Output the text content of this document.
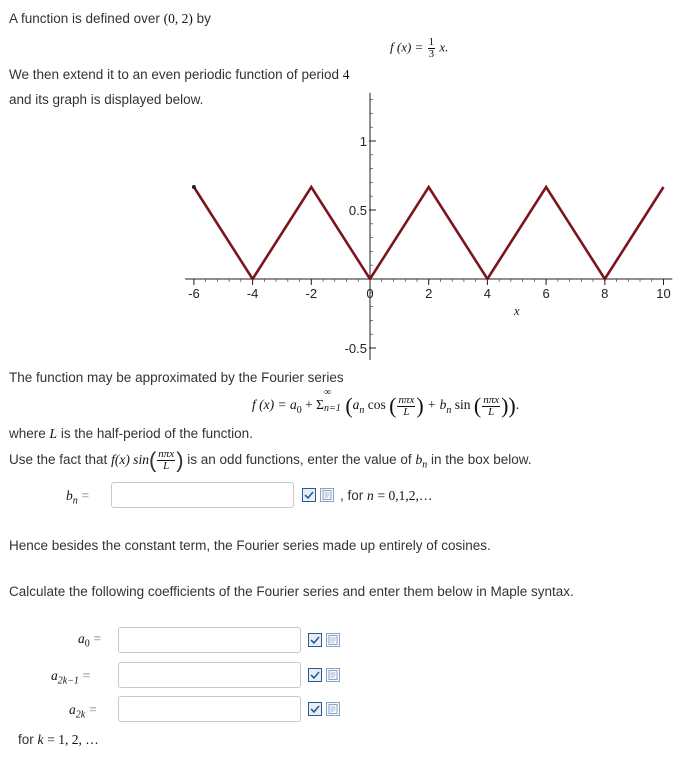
A function is defined over (0, 2) by
f $(x) = \frac{1}{3} x$.
We then extend it to an even periodic function of period 4
and its graph is displayed below.
-6	-4	-2	0	2	4	6	8	10
1
0.5
-0.5
x
The function may be approximated by the Fourier series
f $(x) = a_0 + \Sigma$
∞
n=1 ($a_n$ cos ( $\frac{\text{nπx}}{L}$ ) + $b_n$ sin ( $\frac{\text{nπx}}{L}$ )).
where L is the half-period of the function.
Use the fact that f(x) $\sin( \frac{\text{nπx}}{L}$ ) is an odd functions, enter the value of $b_n$ in the box below.
$b_n$ =	, for n = 0,1,2,…
Hence besides the constant term, the Fourier series made up entirely of cosines.
Calculate the following coefficients of the Fourier series and enter them below in Maple syntax.
$a_0$ =
$a_{2k-1}$ =
$a_{2k}$ =
for k = 1, 2, …
